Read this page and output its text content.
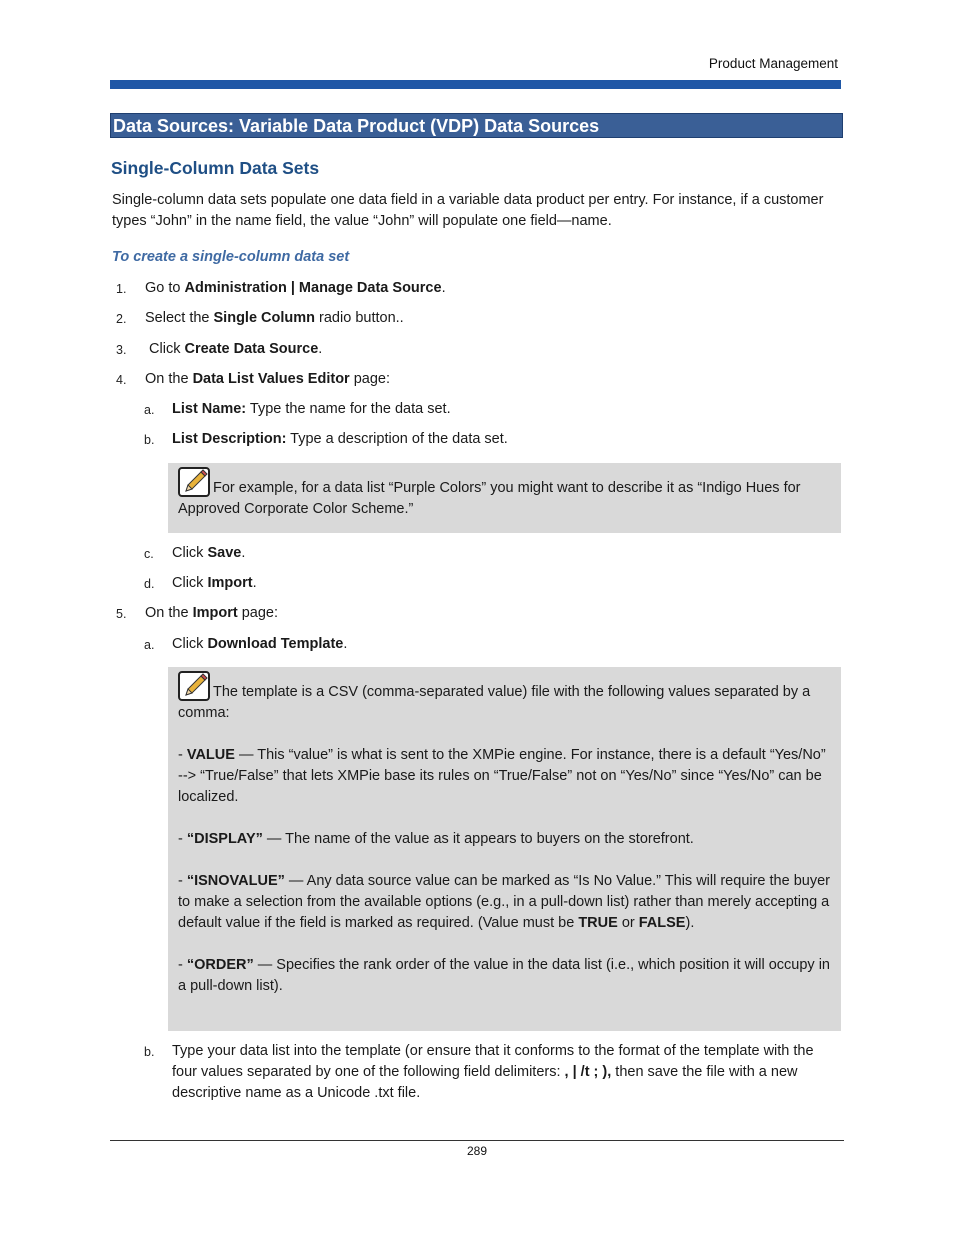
Product Management
Data Sources: Variable Data Product (VDP) Data Sources
Single-Column Data Sets
Single-column data sets populate one data field in a variable data product per entry. For instance, if a customer types “John” in the name field, the value “John” will populate one field—name.
To create a single-column data set
1. Go to Administration | Manage Data Source.
2. Select the Single Column radio button..
3. Click Create Data Source.
4. On the Data List Values Editor page:
a. List Name: Type the name for the data set.
b. List Description: Type a description of the data set.

For example, for a data list “Purple Colors” you might want to describe it as “Indigo Hues for Approved Corporate Color Scheme.”

c. Click Save.
d. Click Import.
5. On the Import page:
a. Click Download Template.

The template is a CSV (comma-separated value) file with the following values separated by a comma:

- VALUE — This “value” is what is sent to the XMPie engine. For instance, there is a default “Yes/No” --> “True/False” that lets XMPie base its rules on “True/False” not on “Yes/No” since “Yes/No” can be localized.

- “DISPLAY” — The name of the value as it appears to buyers on the storefront.

- “ISNOVALUE” — Any data source value can be marked as “Is No Value.” This will require the buyer to make a selection from the available options (e.g., in a pull-down list) rather than merely accepting a default value if the field is marked as required. (Value must be TRUE or FALSE).

- “ORDER” — Specifies the rank order of the value in the data list (i.e., which position it will occupy in a pull-down list).

b. Type your data list into the template (or ensure that it conforms to the format of the template with the four values separated by one of the following field delimiters: , | /t ; ), then save the file with a new descriptive name as a Unicode .txt file.
289
